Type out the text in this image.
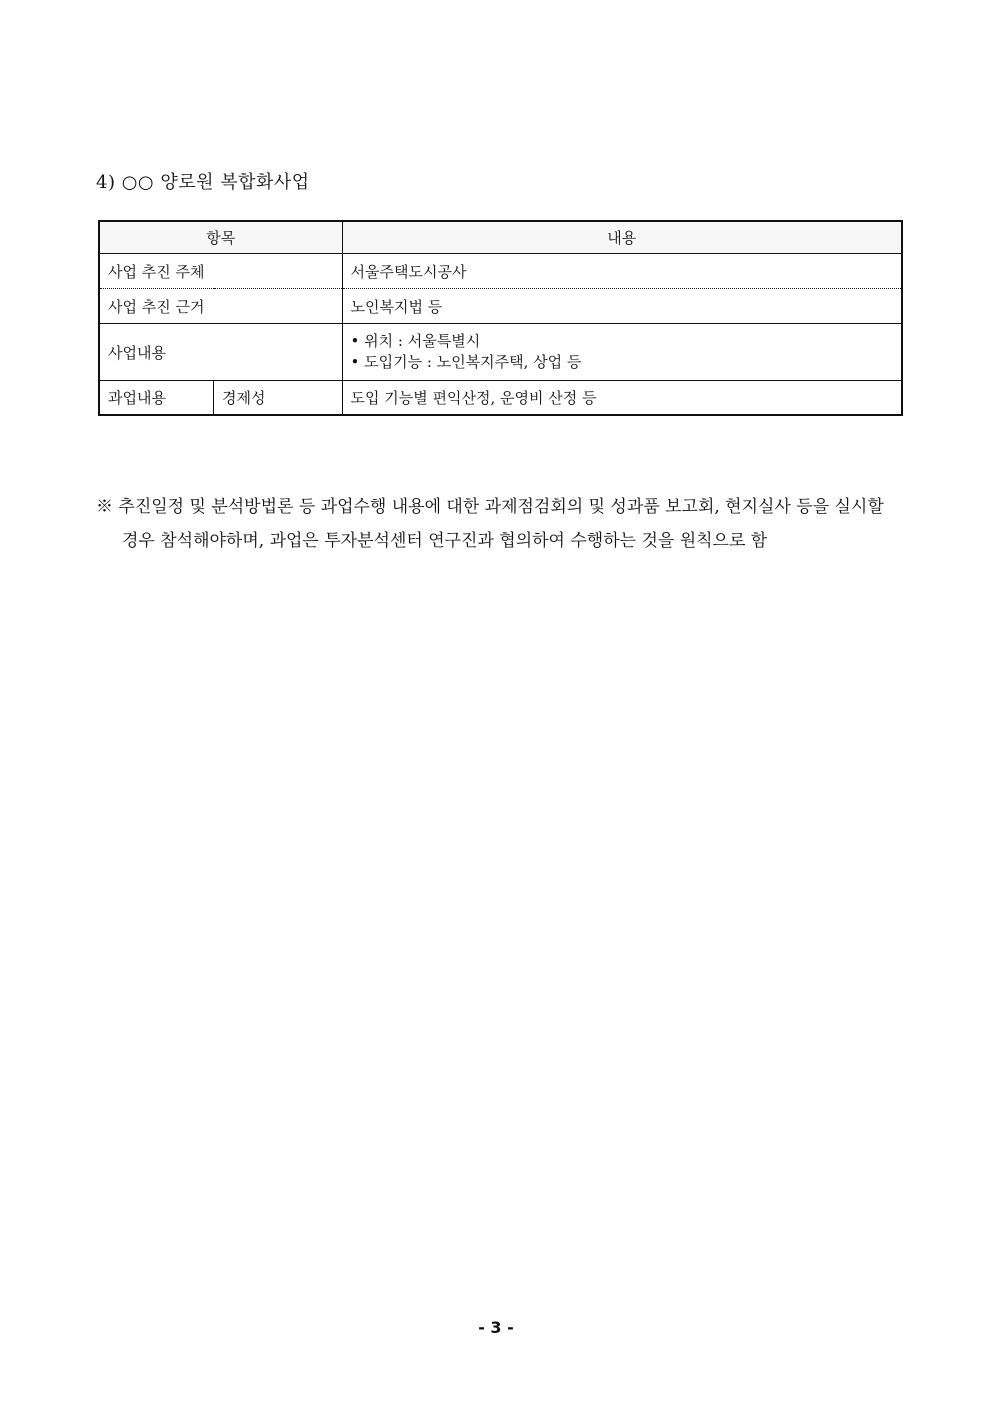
4) ○○ 양로원 복합화사업
항목		내용
사업 추진 주체		서울주택도시공사
사업 추진 근거		노인복지법 등
사업내용		• 위치 : 서울특별시
• 도입기능 : 노인복지주택, 상업 등

과업내용	경제성	도입 기능별 편익산정, 운영비 산정 등
※ 추진일정 및 분석방법론 등 과업수행 내용에 대한 과제점검회의 및 성과품 보고회, 현지실사 등을 실시할
경우 참석해야하며, 과업은 투자분석센터 연구진과 협의하여 수행하는 것을 원칙으로 함
- 3 -
